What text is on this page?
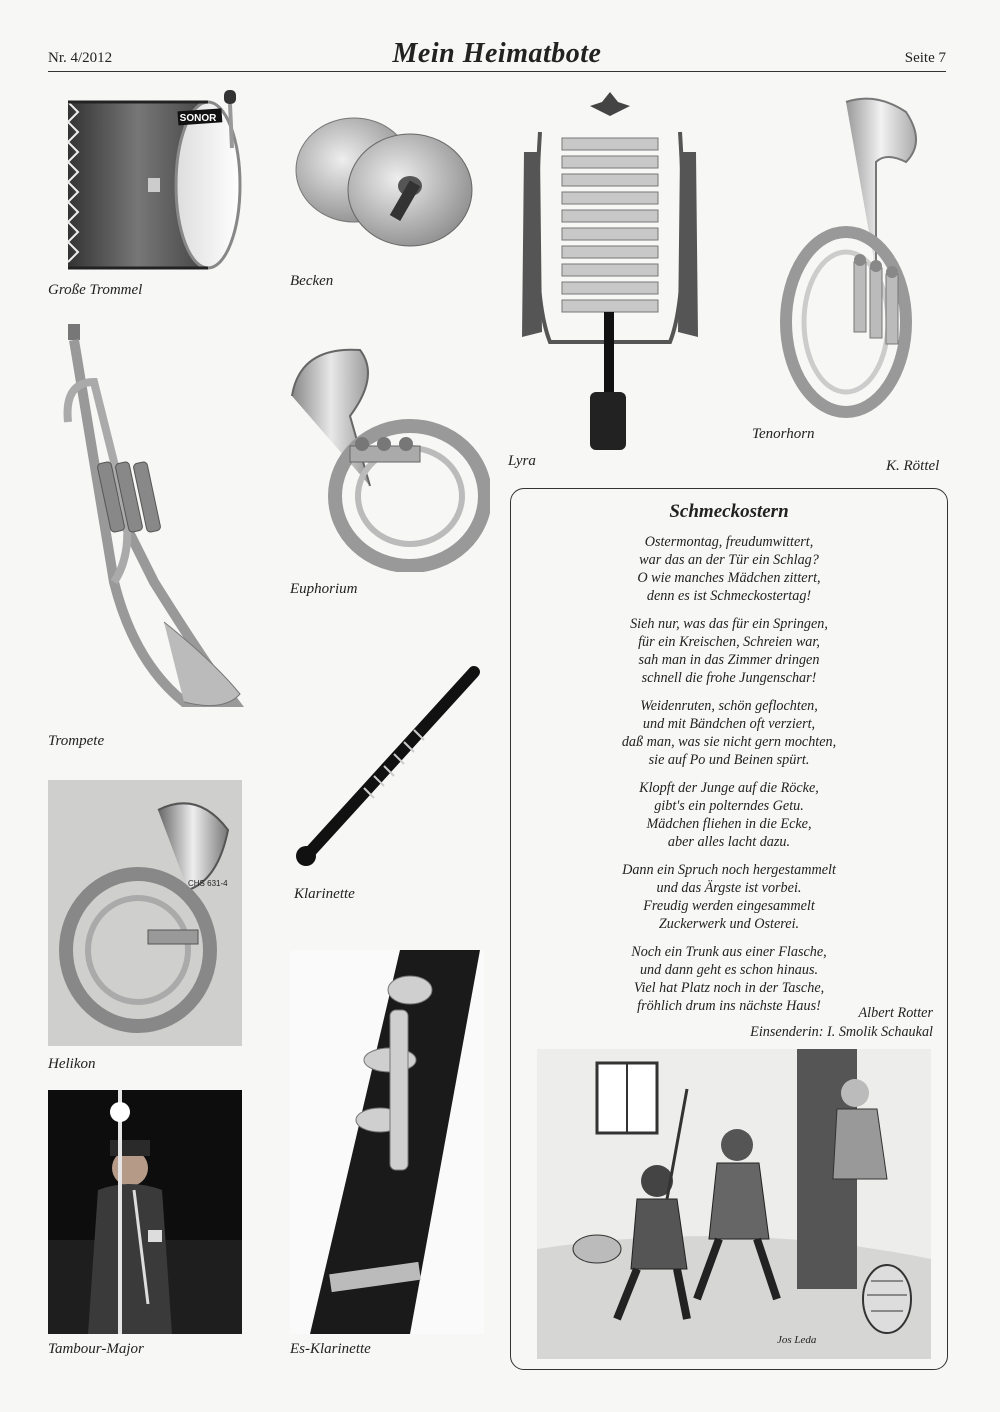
Nr. 4/2012	Mein Heimatbote	Seite 7
SONOR
Große Trommel
Becken
Lyra
Tenorhorn
K. Röttel
Trompete
Euphorium
Klarinette
CHS 631-4
Helikon
Tambour-Major	Es-Klarinette
Schmeckostern
Ostermontag, freudumwittert,
war das an der Tür ein Schlag?
O wie manches Mädchen zittert,
denn es ist Schmeckostertag!
Sieh nur, was das für ein Springen,
für ein Kreischen, Schreien war,
sah man in das Zimmer dringen
schnell die frohe Jungenschar!
Weidenruten, schön geflochten,
und mit Bändchen oft verziert,
daß man, was sie nicht gern mochten,
sie auf Po und Beinen spürt.
Klopft der Junge auf die Röcke,
gibt's ein polterndes Getu.
Mädchen fliehen in die Ecke,
aber alles lacht dazu.
Dann ein Spruch noch hergestammelt
und das Ärgste ist vorbei.
Freudig werden eingesammelt
Zuckerwerk und Osterei.
Noch ein Trunk aus einer Flasche,
und dann geht es schon hinaus.
Viel hat Platz noch in der Tasche,
fröhlich drum ins nächste Haus!	Albert Rotter
Einsenderin: I. Smolik Schaukal
Jos Leda
